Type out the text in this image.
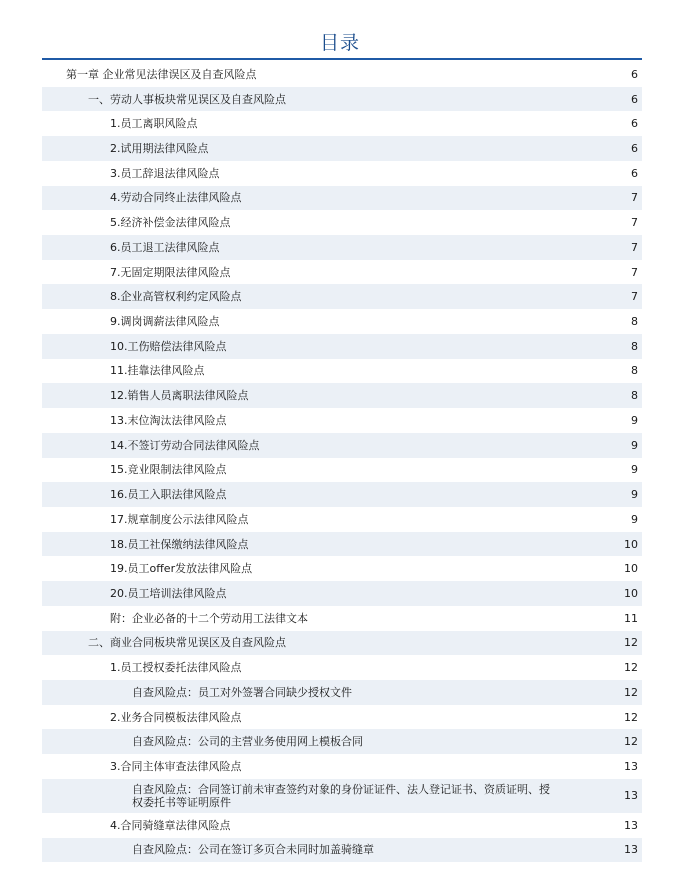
目录
第一章 企业常见法律误区及自查风险点	6
一、劳动人事板块常见误区及自查风险点	6
1.员工离职风险点	6
2.试用期法律风险点	6
3.员工辞退法律风险点	6
4.劳动合同终止法律风险点	7
5.经济补偿金法律风险点	7
6.员工退工法律风险点	7
7.无固定期限法律风险点	7
8.企业高管权利约定风险点	7
9.调岗调薪法律风险点	8
10.工伤赔偿法律风险点	8
11.挂靠法律风险点	8
12.销售人员离职法律风险点	8
13.末位淘汰法律风险点	9
14.不签订劳动合同法律风险点	9
15.竞业限制法律风险点	9
16.员工入职法律风险点	9
17.规章制度公示法律风险点	9
18.员工社保缴纳法律风险点	10
19.员工offer发放法律风险点	10
20.员工培训法律风险点	10
附：企业必备的十二个劳动用工法律文本	11
二、商业合同板块常见误区及自查风险点	12
1.员工授权委托法律风险点	12
自查风险点：员工对外签署合同缺少授权文件	12
2.业务合同模板法律风险点	12
自查风险点：公司的主营业务使用网上模板合同	12
3.合同主体审查法律风险点	13
自查风险点：合同签订前未审查签约对象的身份证证件、法人登记证书、资质证明、授权委托书等证明原件	13
4.合同骑缝章法律风险点	13
自查风险点：公司在签订多页合未同时加盖骑缝章	13
